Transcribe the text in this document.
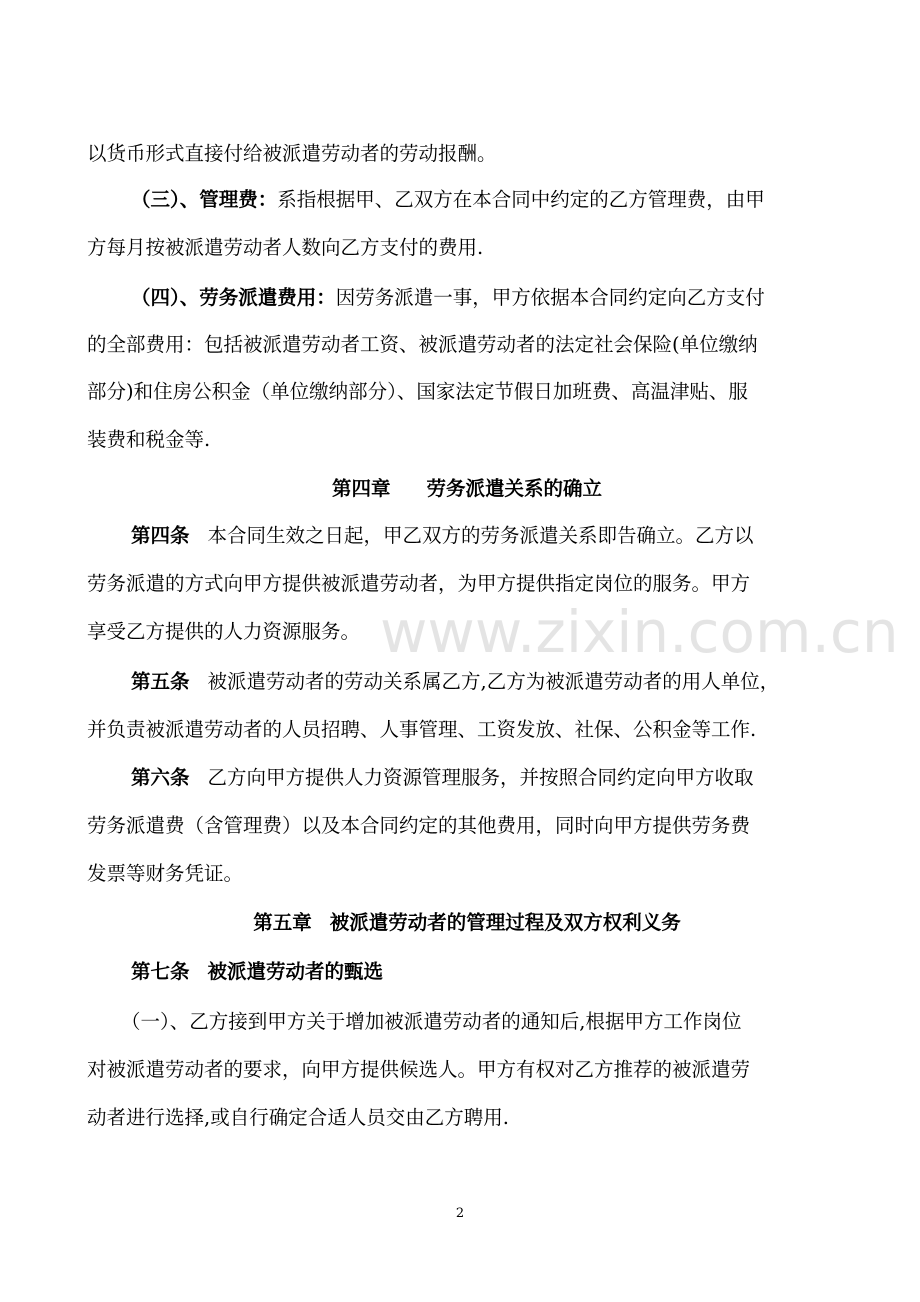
以货币形式直接付给被派遣劳动者的劳动报酬。
（三）、管理费：系指根据甲、乙双方在本合同中约定的乙方管理费，由甲
方每月按被派遣劳动者人数向乙方支付的费用.
（四）、劳务派遣费用：因劳务派遣一事，甲方依据本合同约定向乙方支付
的全部费用：包括被派遣劳动者工资、被派遣劳动者的法定社会保险(单位缴纳
部分)和住房公积金（单位缴纳部分）、国家法定节假日加班费、高温津贴、服
装费和税金等.
第四章 劳务派遣关系的确立
第四条 本合同生效之日起，甲乙双方的劳务派遣关系即告确立。乙方以
劳务派遣的方式向甲方提供被派遣劳动者，为甲方提供指定岗位的服务。甲方
享受乙方提供的人力资源服务。
第五条 被派遣劳动者的劳动关系属乙方,乙方为被派遣劳动者的用人单位，
并负责被派遣劳动者的人员招聘、人事管理、工资发放、社保、公积金等工作.
第六条 乙方向甲方提供人力资源管理服务，并按照合同约定向甲方收取
劳务派遣费（含管理费）以及本合同约定的其他费用，同时向甲方提供劳务费
发票等财务凭证。
第五章 被派遣劳动者的管理过程及双方权利义务
第七条 被派遣劳动者的甄选
（一）、乙方接到甲方关于增加被派遣劳动者的通知后,根据甲方工作岗位
对被派遣劳动者的要求，向甲方提供候选人。甲方有权对乙方推荐的被派遣劳
动者进行选择,或自行确定合适人员交由乙方聘用.
www.zixin.com.cn
2
